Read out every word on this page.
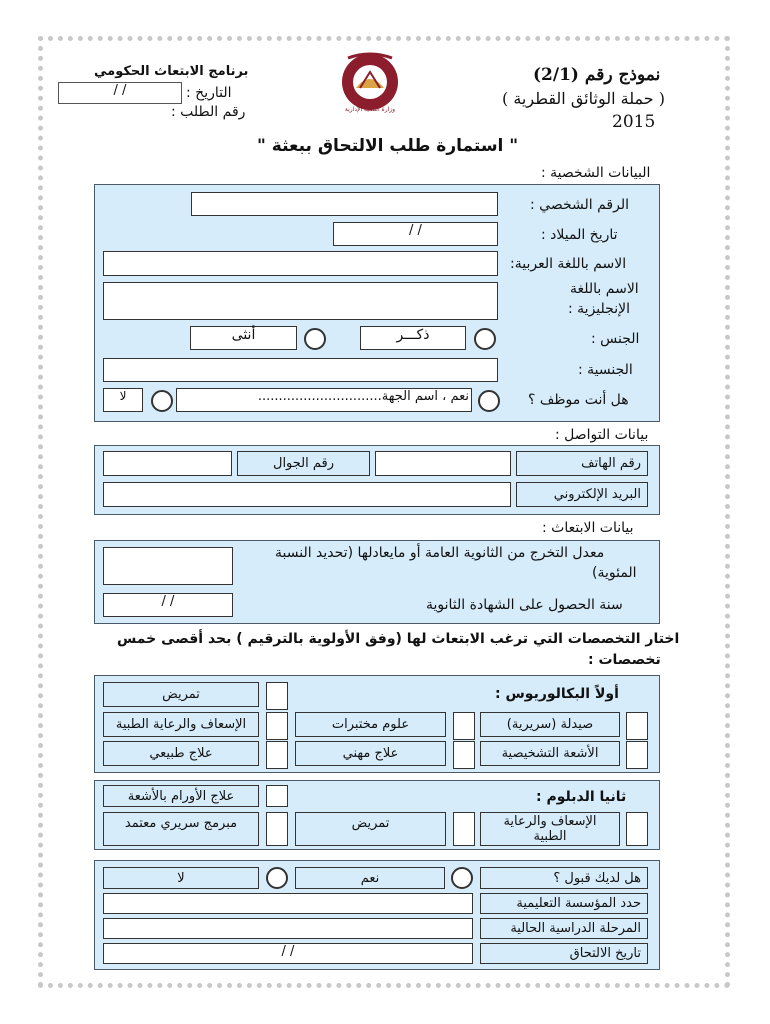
نموذج رقم (2/1)
( حملة الوثائق القطرية )
2015
برنامج الابتعاث الحكومي
التاريخ :
/ /
رقم الطلب :	وزارة التنمية الإدارية
" استمارة طلب الالتحاق ببعثة "
البيانات الشخصية :
الرقم الشخصي :
تاريخ الميلاد :
/ /
الاسم باللغة العربية:
الاسم باللغة
الإنجليزية :
الجنس :
ذكـــر
أنثى
الجنسية :
هل أنت موظف ؟
نعم ، اسم الجهة..............................
لا
بيانات التواصل :
رقم الهاتف
رقم الجوال
البريد الإلكتروني
بيانات الابتعاث :
معدل التخرج من الثانوية العامة أو مايعادلها (تحديد النسبة
المئوية)
سنة الحصول على الشهادة الثانوية
/ /
اختار التخصصات التي ترغب الابتعاث لها (وفق الأولوية بالترقيم ) بحد أقصى خمس
تخصصات :
أولاً البكالوريوس :
تمريض
صيدلة (سريرية)
علوم مختبرات
الإسعاف والرعاية الطبية
الأشعة التشخيصية
علاج مهني
علاج طبيعي
ثانيا الدبلوم :
علاج الأورام بالأشعة
الإسعاف والرعاية
الطبية
تمريض
مبرمج سريري معتمد
هل لديك قبول ؟
نعم
لا
حدد المؤسسة التعليمية
المرحلة الدراسية الحالية
تاريخ الالتحاق
/ /
